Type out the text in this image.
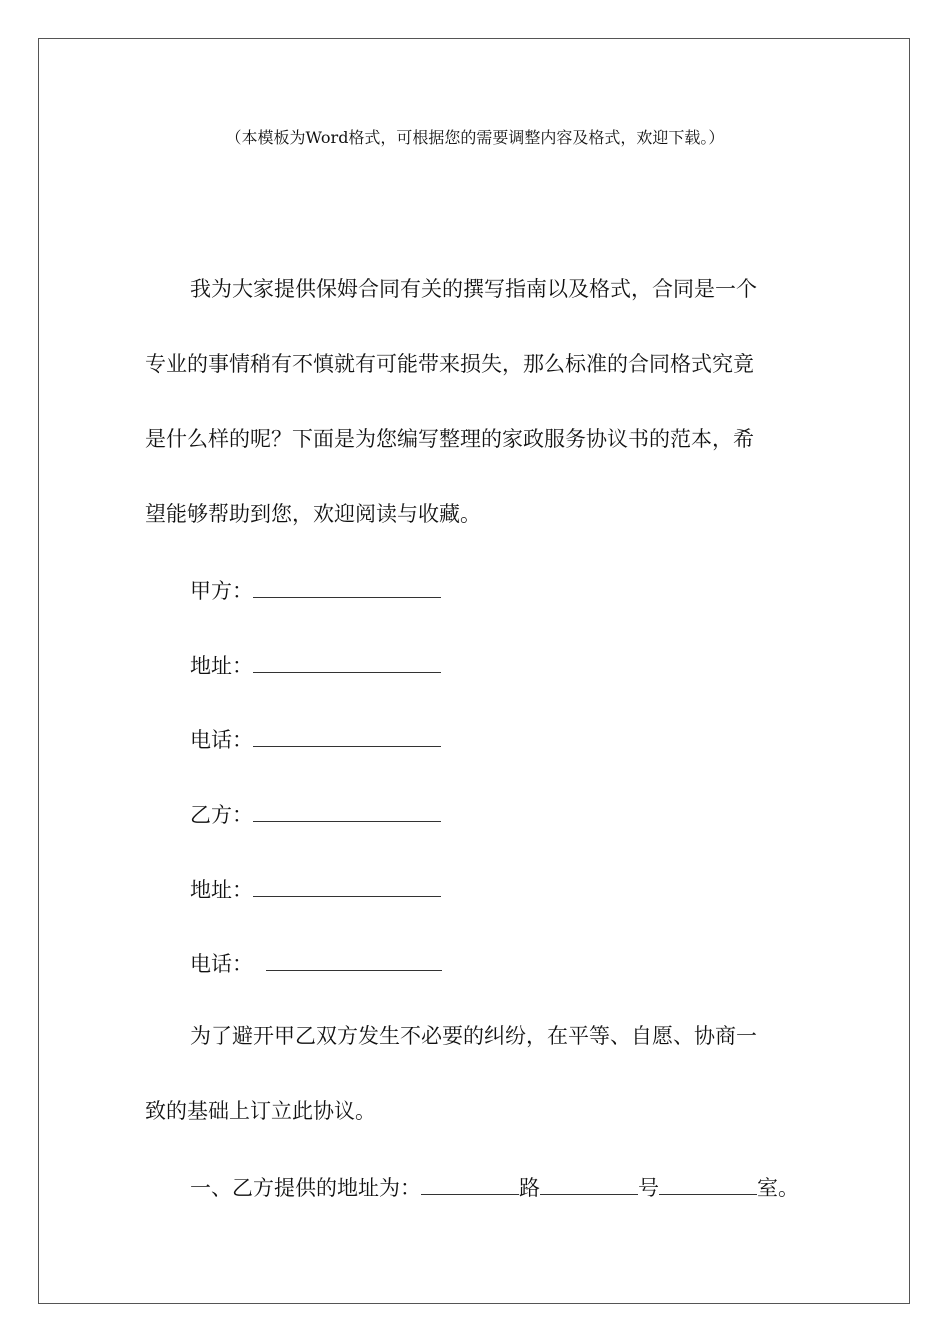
（本模板为Word格式，可根据您的需要调整内容及格式，欢迎下载。）
我为大家提供保姆合同有关的撰写指南以及格式，合同是一个
专业的事情稍有不慎就有可能带来损失，那么标准的合同格式究竟
是什么样的呢？下面是为您编写整理的家政服务协议书的范本，希
望能够帮助到您，欢迎阅读与收藏。
甲方：
地址：
电话：
乙方：
地址：
电话：
为了避开甲乙双方发生不必要的纠纷，在平等、自愿、协商一
致的基础上订立此协议。
一、乙方提供的地址为：	路	号	室。
